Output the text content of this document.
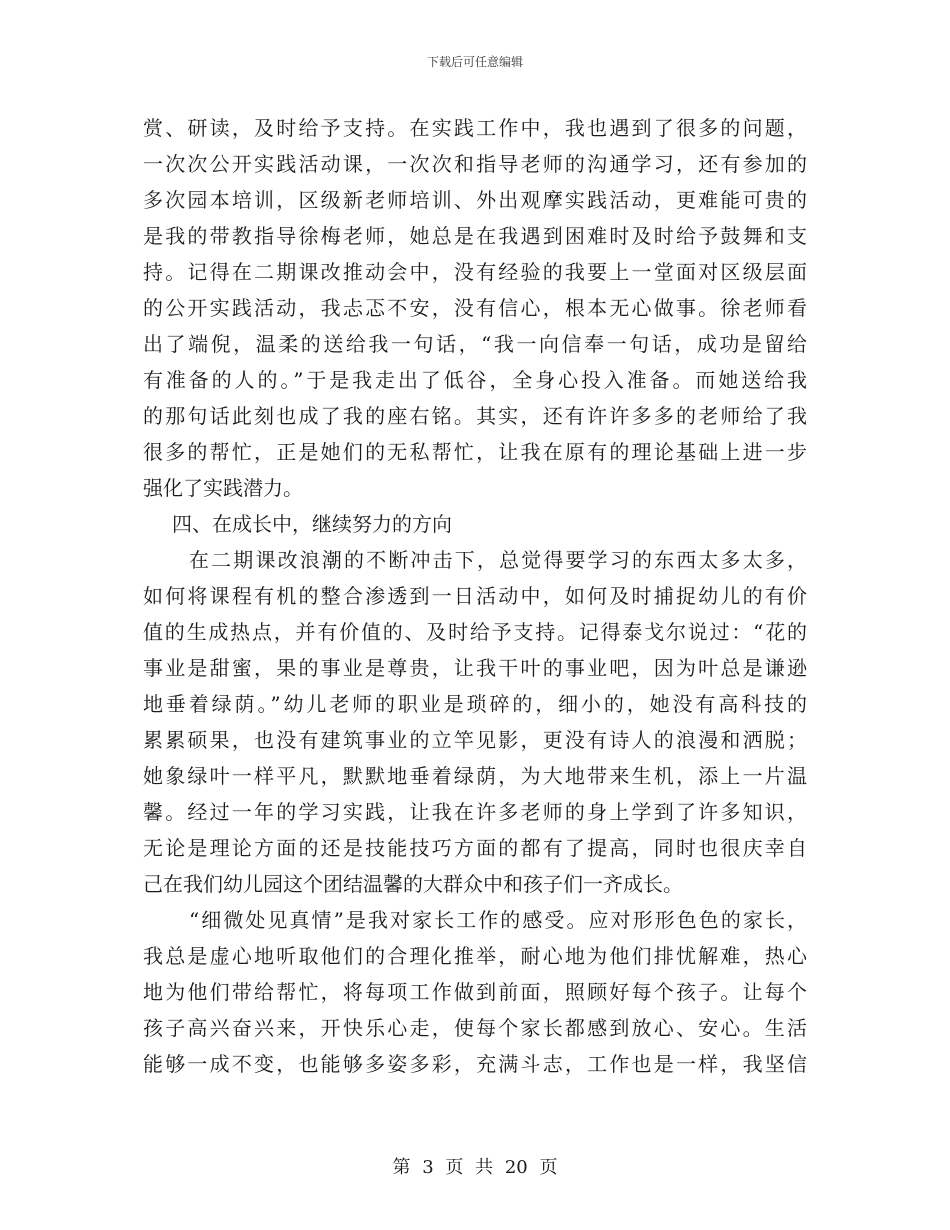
下载后可任意编辑
赏、研读，及时给予支持。在实践工作中，我也遇到了很多的问题，
一次次公开实践活动课，一次次和指导老师的沟通学习，还有参加的
多次园本培训，区级新老师培训、外出观摩实践活动，更难能可贵的
是我的带教指导徐梅老师，她总是在我遇到困难时及时给予鼓舞和支
持。记得在二期课改推动会中，没有经验的我要上一堂面对区级层面
的公开实践活动，我忐忑不安，没有信心，根本无心做事。徐老师看
出了端倪，温柔的送给我一句话，“我一向信奉一句话，成功是留给
有准备的人的。”于是我走出了低谷，全身心投入准备。而她送给我
的那句话此刻也成了我的座右铭。其实，还有许许多多的老师给了我
很多的帮忙，正是她们的无私帮忙，让我在原有的理论基础上进一步
强化了实践潜力。
四、在成长中，继续努力的方向
在二期课改浪潮的不断冲击下，总觉得要学习的东西太多太多，
如何将课程有机的整合渗透到一日活动中，如何及时捕捉幼儿的有价
值的生成热点，并有价值的、及时给予支持。记得泰戈尔说过：“花的
事业是甜蜜，果的事业是尊贵，让我干叶的事业吧，因为叶总是谦逊
地垂着绿荫。”幼儿老师的职业是琐碎的，细小的，她没有高科技的
累累硕果，也没有建筑事业的立竿见影，更没有诗人的浪漫和洒脱；
她象绿叶一样平凡，默默地垂着绿荫，为大地带来生机，添上一片温
馨。经过一年的学习实践，让我在许多老师的身上学到了许多知识，
无论是理论方面的还是技能技巧方面的都有了提高，同时也很庆幸自
己在我们幼儿园这个团结温馨的大群众中和孩子们一齐成长。
“细微处见真情”是我对家长工作的感受。应对形形色色的家长，
我总是虚心地听取他们的合理化推举，耐心地为他们排忧解难，热心
地为他们带给帮忙，将每项工作做到前面，照顾好每个孩子。让每个
孩子高兴奋兴来，开快乐心走，使每个家长都感到放心、安心。生活
能够一成不变，也能够多姿多彩，充满斗志，工作也是一样，我坚信
第 3 页 共 20 页
